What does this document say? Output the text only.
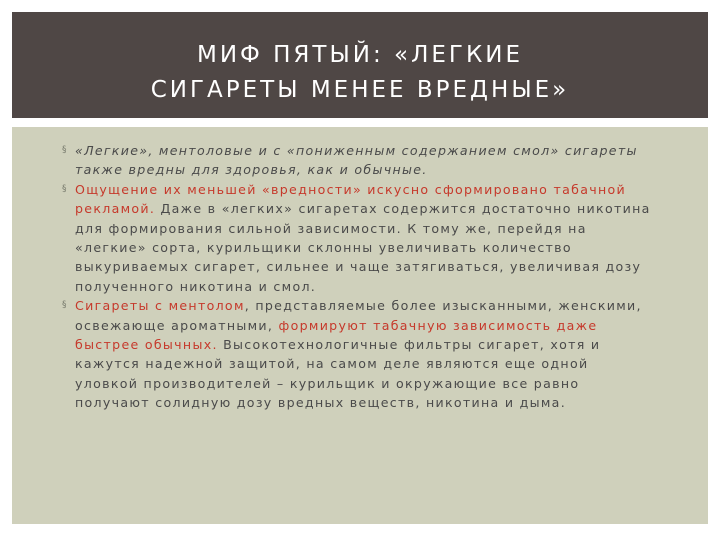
МИФ ПЯТЫЙ: «ЛЕГКИЕ
СИГАРЕТЫ МЕНЕЕ ВРЕДНЫЕ»
§ «Легкие», ментоловые и с «пониженным содержанием смол» сигареты также вредны для здоровья, как и обычные.
§ Ощущение их меньшей «вредности» искусно сформировано табачной рекламой. Даже в «легких» сигаретах содержится достаточно никотина для формирования сильной зависимости. К тому же, перейдя на «легкие» сорта, курильщики склонны увеличивать количество выкуриваемых сигарет, сильнее и чаще затягиваться, увеличивая дозу полученного никотина и смол.
§ Сигареты с ментолом, представляемые более изысканными, женскими, освежающе ароматными, формируют табачную зависимость даже быстрее обычных. Высокотехнологичные фильтры сигарет, хотя и кажутся надежной защитой, на самом деле являются еще одной уловкой производителей – курильщик и окружающие все равно получают солидную дозу вредных веществ, никотина и дыма.
